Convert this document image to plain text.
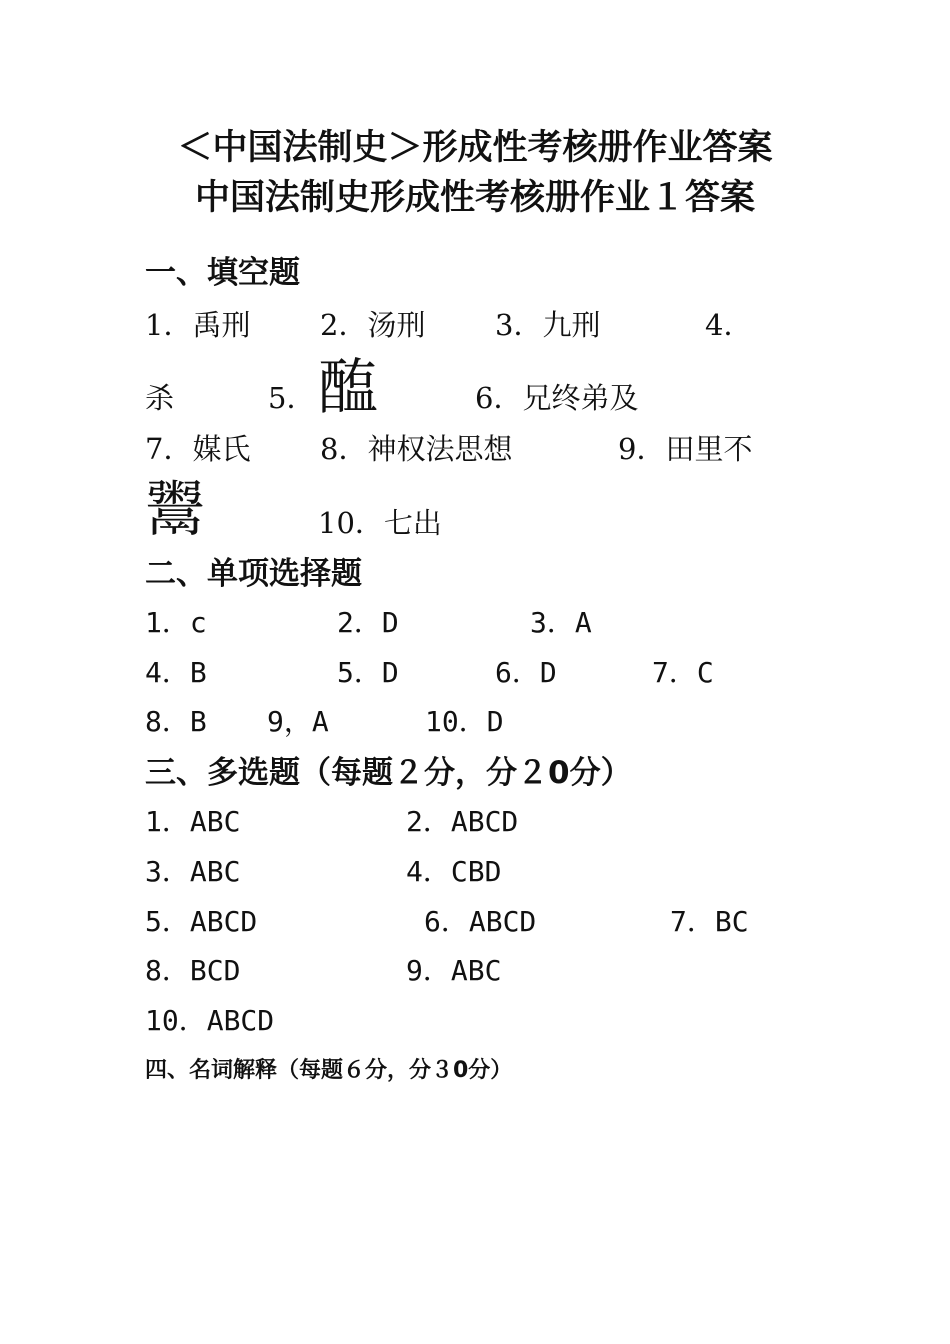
＜中国法制史＞形成性考核册作业答案
中国法制史形成性考核册作业１答案
一、填空题
1．禹刑 2．汤刑 3．九刑	4．
杀	5． 醢	6．兄终弟及
7．媒氏 8．神权法思想	9．田里不
鬻	10．七出
二、单项选择题
1．c	2．D	3．A
4．B	5．D	6．D	7．C
8．B 9，A	10．D
三、多选题（每题２分，分２0分）
1．ABC	2．ABCD
3．ABC	4．CBD
5．ABCD	6．ABCD	7．BC
8．BCD	9．ABC
10．ABCD
四、名词解释（每题６分，分３0分）
